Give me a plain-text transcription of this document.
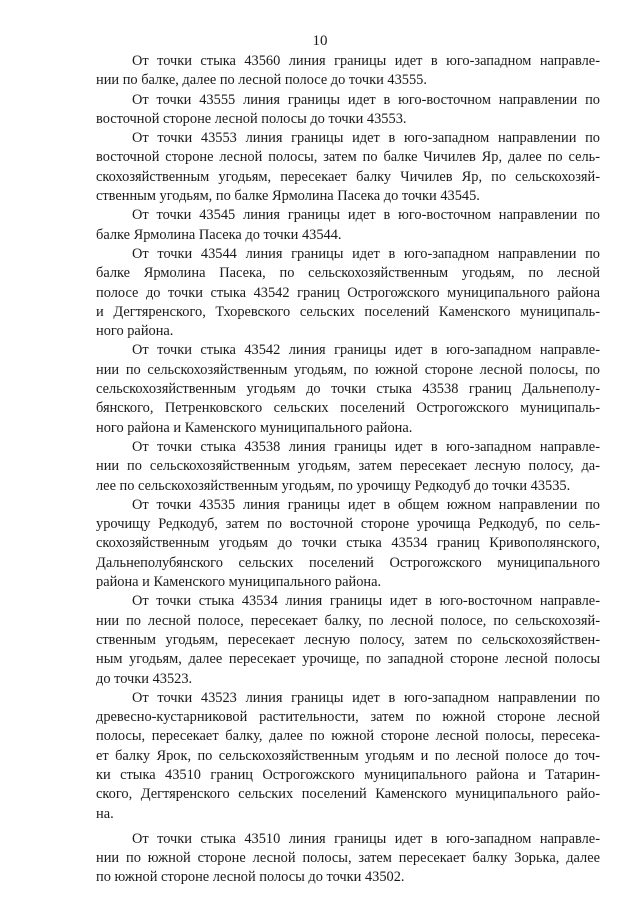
10

От точки стыка 43560 линия границы идет в юго-западном направле-
нии по балке, далее по лесной полосе до точки 43555.

От точки 43555 линия границы идет в юго-восточном направлении по
восточной стороне лесной полосы до точки 43553.

От точки 43553 линия границы идет в юго-западном направлении по
восточной стороне лесной полосы, затем по балке Чичилев Яр, далее по сель-
скохозяйственным угодьям, пересекает балку Чичилев Яр, по сельскохозяй-
ственным угодьям, по балке Ярмолина Пасека до точки 43545.

От точки 43545 линия границы идет в юго-восточном направлении по
балке Ярмолина Пасека до точки 43544.

От точки 43544 линия границы идет в юго-западном направлении по
балке Ярмолина Пасека, по сельскохозяйственным угодьям, по лесной
полосе до точки стыка 43542 границ Острогожского муниципального района
и Дегтяренского, Тхоревского сельских поселений Каменского муниципаль-
ного района.

От точки стыка 43542 линия границы идет в юго-западном направле-
нии по сельскохозяйственным угодьям, по южной стороне лесной полосы, по
сельскохозяйственным угодьям до точки стыка 43538 границ Дальнеполу-
бянского, Петренковского сельских поселений Острогожского муниципаль-
ного района и Каменского муниципального района.

От точки стыка 43538 линия границы идет в юго-западном направле-
нии по сельскохозяйственным угодьям, затем пересекает лесную полосу, да-
лее по сельскохозяйственным угодьям, по урочищу Редкодуб до точки 43535.

От точки 43535 линия границы идет в общем южном направлении по
урочищу Редкодуб, затем по восточной стороне урочища Редкодуб, по сель-
скохозяйственным угодьям до точки стыка 43534 границ Кривополянского,
Дальнеполубянского сельских поселений Острогожского муниципального
района и Каменского муниципального района.

От точки стыка 43534 линия границы идет в юго-восточном направле-
нии по лесной полосе, пересекает балку, по лесной полосе, по сельскохозяй-
ственным угодьям, пересекает лесную полосу, затем по сельскохозяйствен-
ным угодьям, далее пересекает урочище, по западной стороне лесной полосы
до точки 43523.

От точки 43523 линия границы идет в юго-западном направлении по
древесно-кустарниковой растительности, затем по южной стороне лесной
полосы, пересекает балку, далее по южной стороне лесной полосы, пересека-
ет балку Ярок, по сельскохозяйственным угодьям и по лесной полосе до точ-
ки стыка 43510 границ Острогожского муниципального района и Татарин-
ского, Дегтяренского сельских поселений Каменского муниципального райо-
на.

От точки стыка 43510 линия границы идет в юго-западном направле-
нии по южной стороне лесной полосы, затем пересекает балку Зорька, далее
по южной стороне лесной полосы до точки 43502.
